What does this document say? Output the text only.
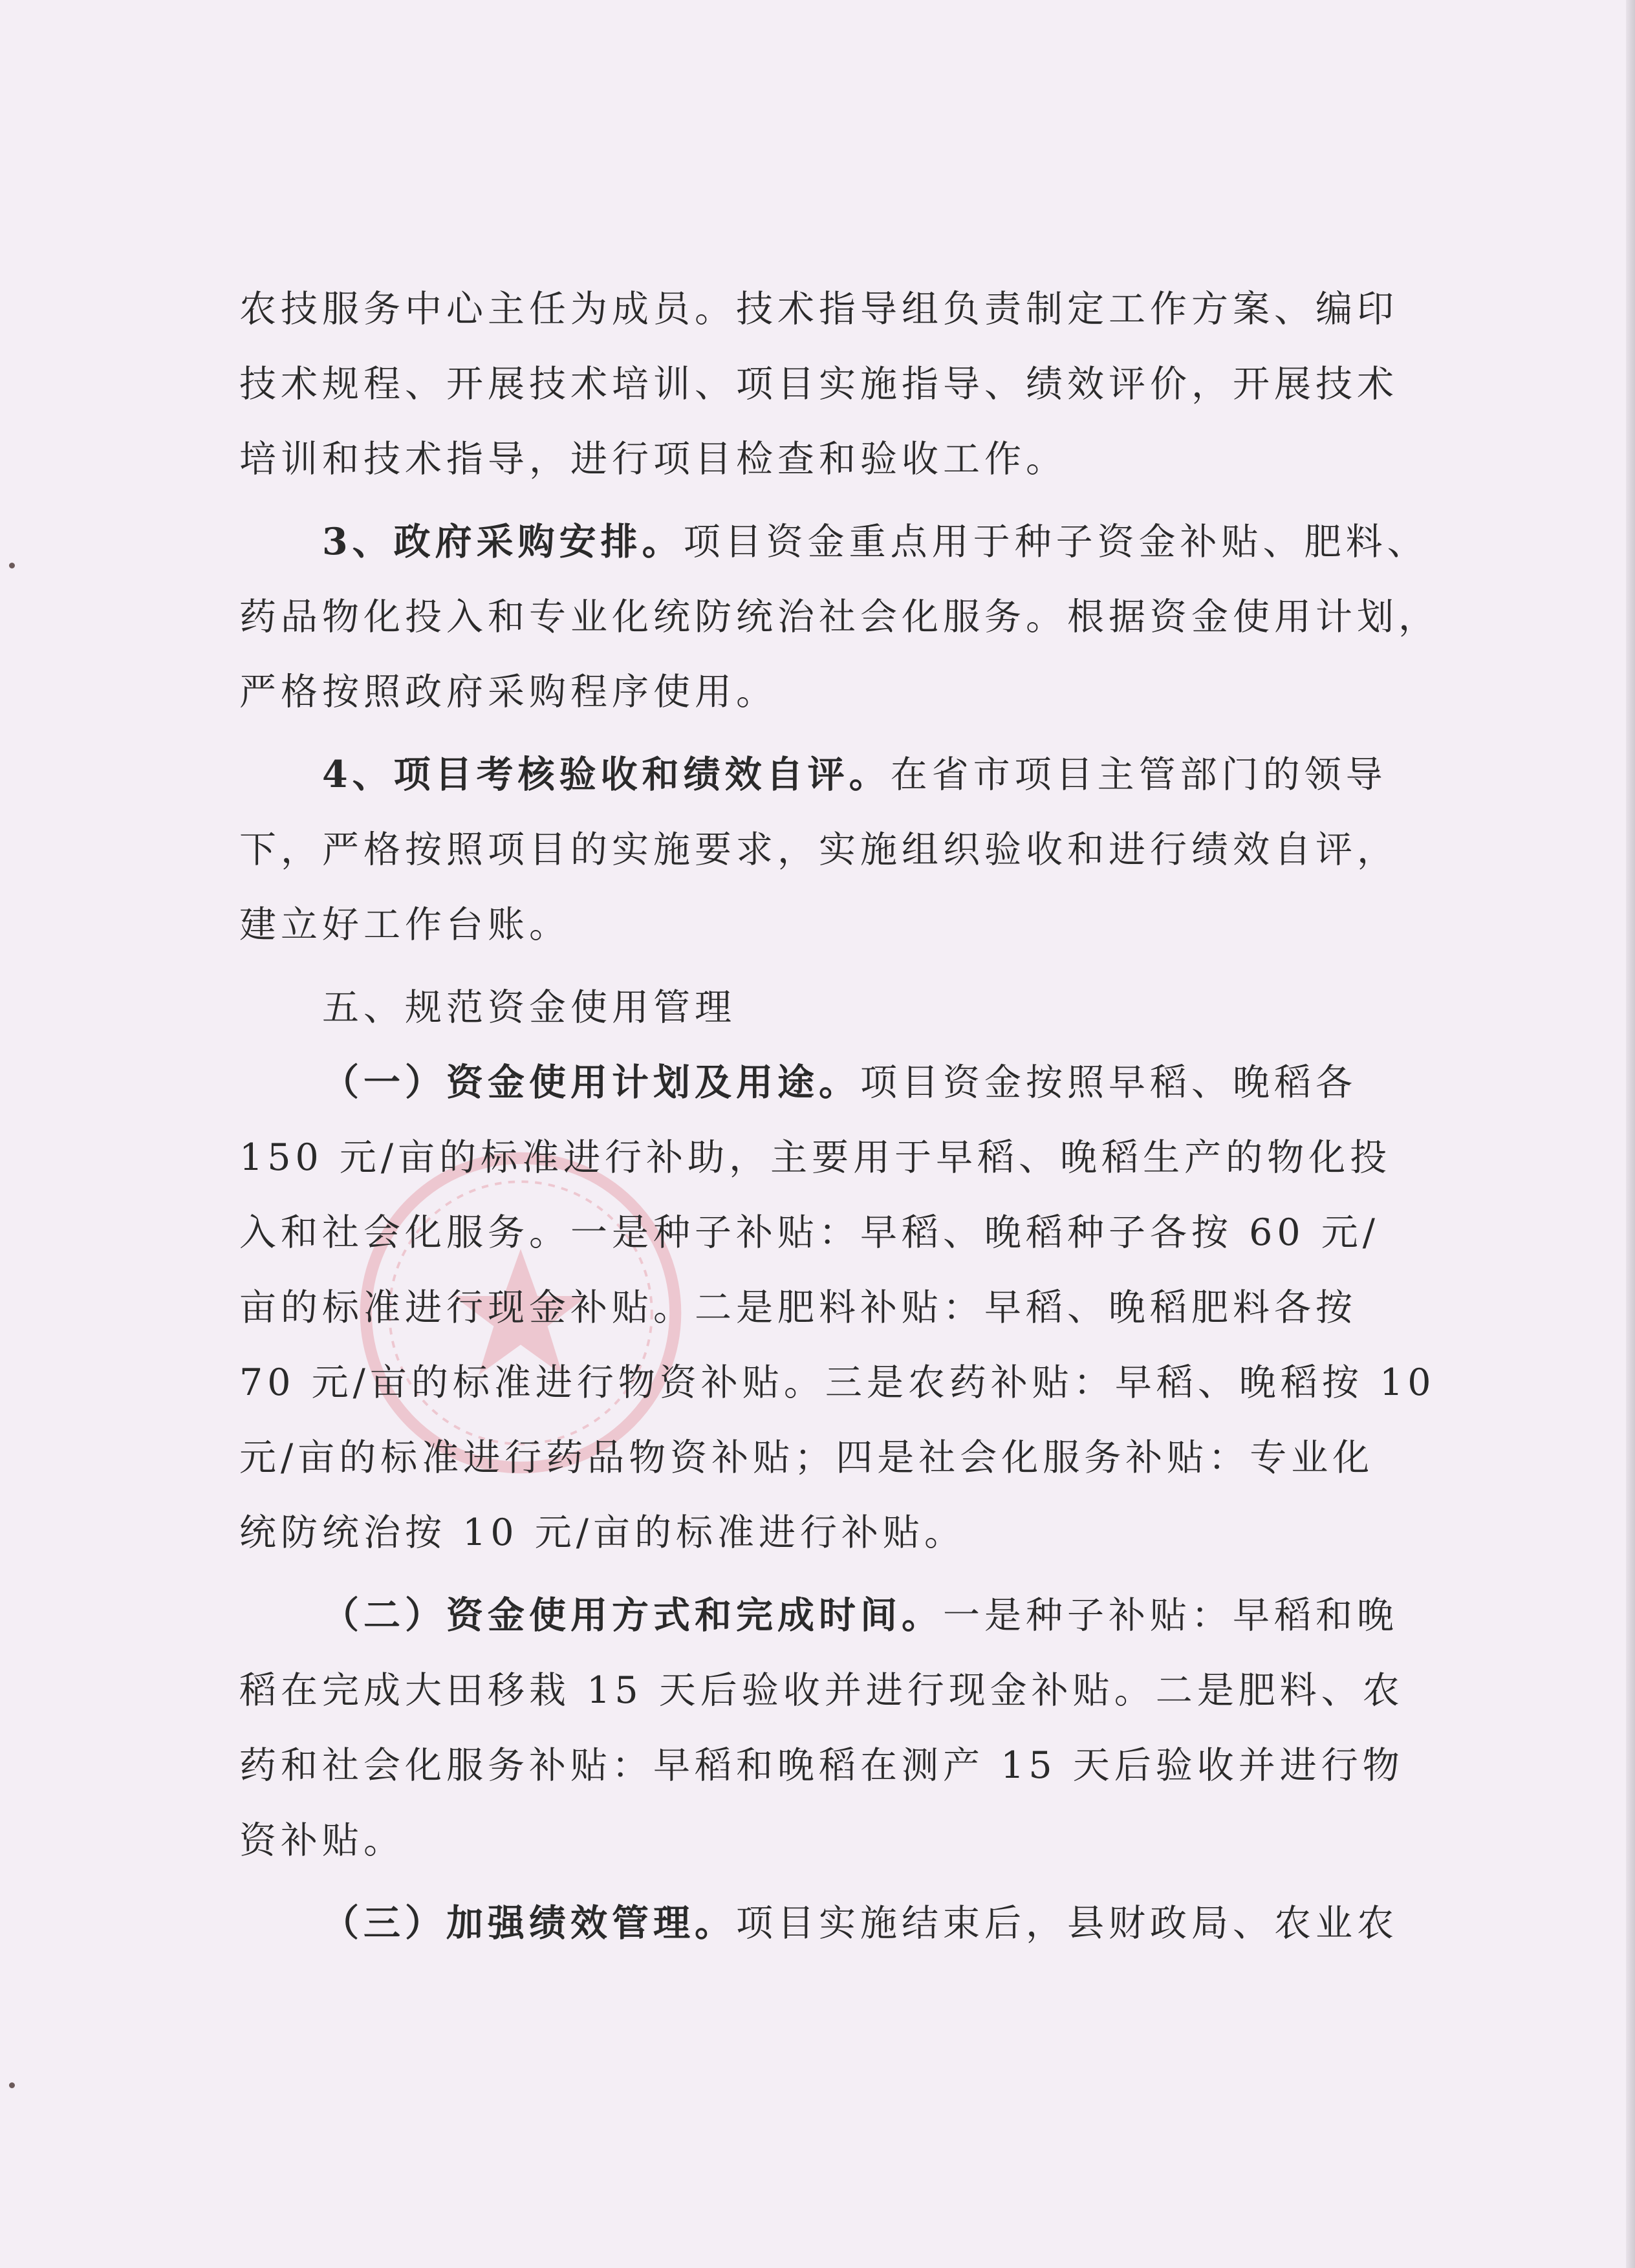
农技服务中心主任为成员。技术指导组负责制定工作方案、编印
技术规程、开展技术培训、项目实施指导、绩效评价，开展技术
培训和技术指导，进行项目检查和验收工作。
3、政府采购安排。项目资金重点用于种子资金补贴、肥料、
药品物化投入和专业化统防统治社会化服务。根据资金使用计划，
严格按照政府采购程序使用。
4、项目考核验收和绩效自评。在省市项目主管部门的领导
下，严格按照项目的实施要求，实施组织验收和进行绩效自评，
建立好工作台账。
五、规范资金使用管理
（一）资金使用计划及用途。项目资金按照早稻、晚稻各
150 元/亩的标准进行补助，主要用于早稻、晚稻生产的物化投
入和社会化服务。一是种子补贴：早稻、晚稻种子各按 60 元/
亩的标准进行现金补贴。二是肥料补贴：早稻、晚稻肥料各按
70 元/亩的标准进行物资补贴。三是农药补贴：早稻、晚稻按 10
元/亩的标准进行药品物资补贴；四是社会化服务补贴：专业化
统防统治按 10 元/亩的标准进行补贴。
（二）资金使用方式和完成时间。一是种子补贴：早稻和晚
稻在完成大田移栽 15 天后验收并进行现金补贴。二是肥料、农
药和社会化服务补贴：早稻和晚稻在测产 15 天后验收并进行物
资补贴。
（三）加强绩效管理。项目实施结束后，县财政局、农业农
